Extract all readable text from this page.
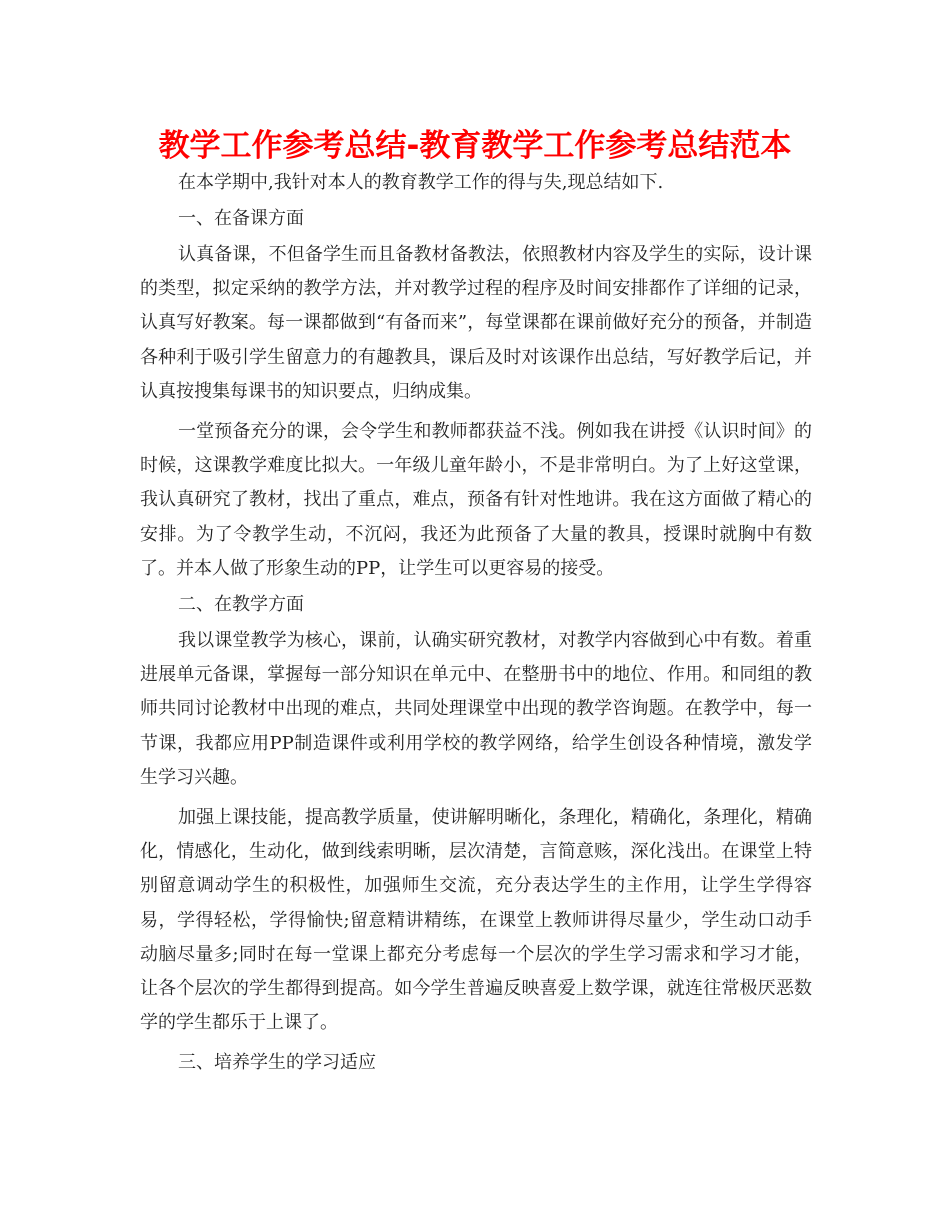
教学工作参考总结-教育教学工作参考总结范本

在本学期中,我针对本人的教育教学工作的得与失,现总结如下.

一、在备课方面

认真备课，不但备学生而且备教材备教法，依照教材内容及学生的实际，设计课的类型，拟定采纳的教学方法，并对教学过程的程序及时间安排都作了详细的记录，认真写好教案。每一课都做到“有备而来”，每堂课都在课前做好充分的预备，并制造各种利于吸引学生留意力的有趣教具，课后及时对该课作出总结，写好教学后记，并认真按搜集每课书的知识要点，归纳成集。

一堂预备充分的课，会令学生和教师都获益不浅。例如我在讲授《认识时间》的时候，这课教学难度比拟大。一年级儿童年龄小，不是非常明白。为了上好这堂课，我认真研究了教材，找出了重点，难点，预备有针对性地讲。我在这方面做了精心的安排。为了令教学生动，不沉闷，我还为此预备了大量的教具，授课时就胸中有数了。并本人做了形象生动的PP，让学生可以更容易的接受。

二、在教学方面

我以课堂教学为核心，课前，认确实研究教材，对教学内容做到心中有数。着重进展单元备课，掌握每一部分知识在单元中、在整册书中的地位、作用。和同组的教师共同讨论教材中出现的难点，共同处理课堂中出现的教学咨询题。在教学中，每一节课，我都应用PP制造课件或利用学校的教学网络，给学生创设各种情境，激发学生学习兴趣。

加强上课技能，提高教学质量，使讲解明晰化，条理化，精确化，条理化，精确化，情感化，生动化，做到线索明晰，层次清楚，言简意赅，深化浅出。在课堂上特别留意调动学生的积极性，加强师生交流，充分表达学生的主作用，让学生学得容易，学得轻松，学得愉快;留意精讲精练，在课堂上教师讲得尽量少，学生动口动手动脑尽量多;同时在每一堂课上都充分考虑每一个层次的学生学习需求和学习才能，让各个层次的学生都得到提高。如今学生普遍反映喜爱上数学课，就连往常极厌恶数学的学生都乐于上课了。

三、培养学生的学习适应
